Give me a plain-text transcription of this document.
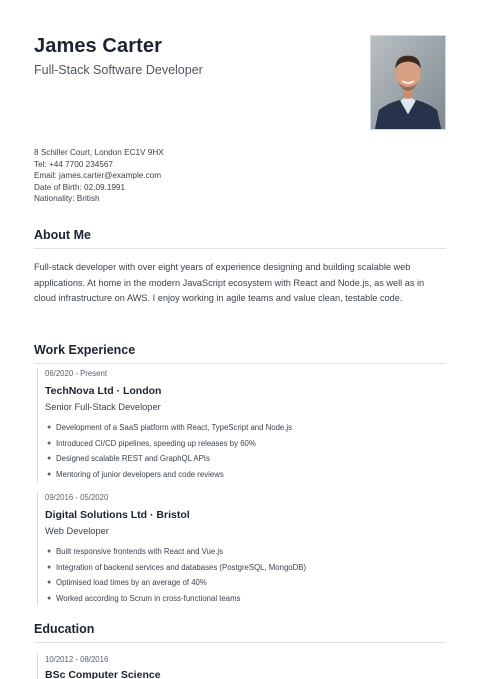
James Carter
Full-Stack Software Developer
8 Schiller Court, London EC1V 9HX
Tel: +44 7700 234567
Email: james.carter@example.com
Date of Birth: 02.09.1991
Nationality: British
About Me
Full-stack developer with over eight years of experience designing and building scalable web applications. At home in the modern JavaScript ecosystem with React and Node.js, as well as in cloud infrastructure on AWS. I enjoy working in agile teams and value clean, testable code.
Work Experience
06/2020 - Present
TechNova Ltd · London
Senior Full-Stack Developer
● Development of a SaaS platform with React, TypeScript and Node.js
● Introduced CI/CD pipelines, speeding up releases by 60%
● Designed scalable REST and GraphQL APIs
● Mentoring of junior developers and code reviews
09/2016 - 05/2020
Digital Solutions Ltd · Bristol
Web Developer
● Built responsive frontends with React and Vue.js
● Integration of backend services and databases (PostgreSQL, MongoDB)
● Optimised load times by an average of 40%
● Worked according to Scrum in cross-functional teams
Education
10/2012 - 08/2016
BSc Computer Science
